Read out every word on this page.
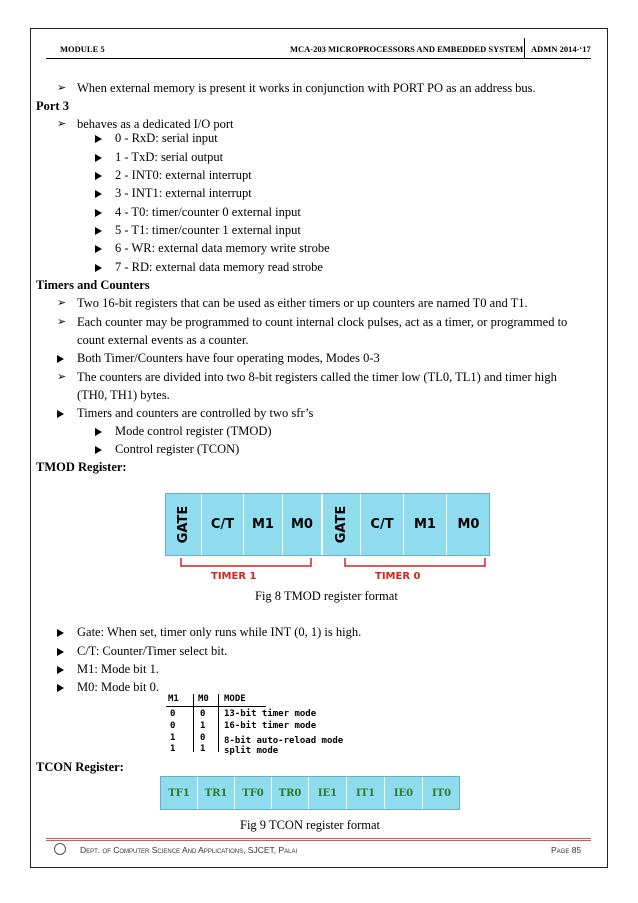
MODULE 5	MCA-203 MICROPROCESSORS AND EMBEDDED SYSTEM ADMN 2014-‘17
➢ When external memory is present it works in conjunction with PORT PO as an address bus.
Port 3
➢ behaves as a dedicated I/O port
0 - RxD: serial input
1 - TxD: serial output
2 - INT0: external interrupt
3 - INT1: external interrupt
4 - T0: timer/counter 0 external input
5 - T1: timer/counter 1 external input
6 - WR: external data memory write strobe
7 - RD: external data memory read strobe
Timers and Counters
➢ Two 16-bit registers that can be used as either timers or up counters are named T0 and T1.
➢ Each counter may be programmed to count internal clock pulses, act as a timer, or programmed to
count external events as a counter.
Both Timer/Counters have four operating modes, Modes 0-3
➢ The counters are divided into two 8-bit registers called the timer low (TL0, TL1) and timer high
(TH0, TH1) bytes.
Timers and counters are controlled by two sfr’s
Mode control register (TMOD)
Control register (TCON)
TMOD Register:
GATE	C/T	M1	M0	GATE	C/T	M1	M0
TIMER 1	TIMER 0
Fig 8 TMOD register format
Gate: When set, timer only runs while INT (0, 1) is high.
C/T: Counter/Timer select bit.
M1: Mode bit 1.
M0: Mode bit 0.
M1 M0 MODE
0	0 13-bit timer mode
0	1 16-bit timer mode
1	0 8-bit auto-reload mode
1	1 split mode
TCON Register:
TF1	TR1	TF0	TR0	IE1	IT1	IE0	IT0
Fig 9 TCON register format
Dept. of Computer Science And Applications, SJCET, Palai	Page 85
